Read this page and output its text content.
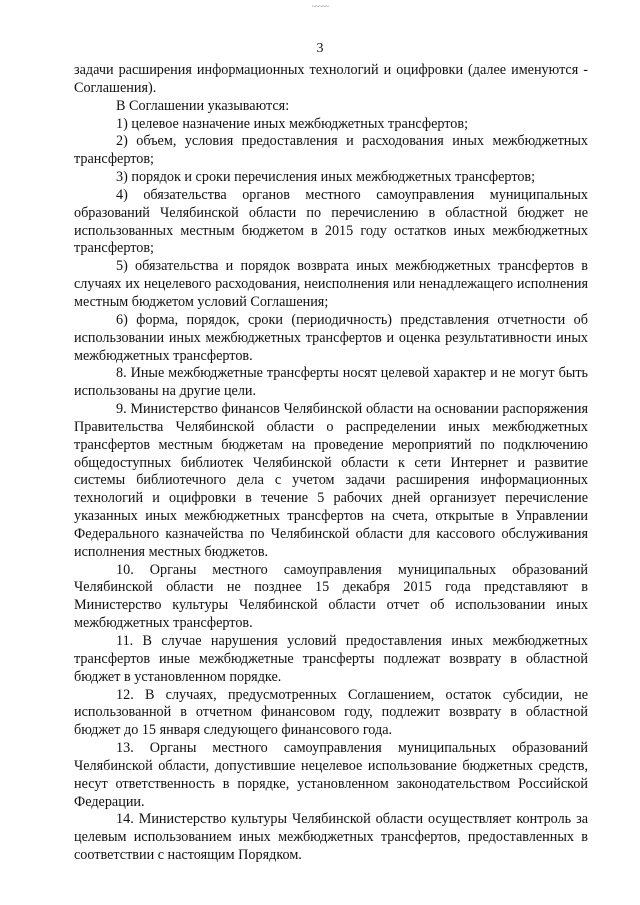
~~~~~
3

задачи расширения информационных технологий и оцифровки (далее именуются - Соглашения).

В Соглашении указываются:

1) целевое назначение иных межбюджетных трансфертов;

2) объем, условия предоставления и расходования иных межбюджетных трансфертов;

3) порядок и сроки перечисления иных межбюджетных трансфертов;

4) обязательства органов местного самоуправления муниципальных образований Челябинской области по перечислению в областной бюджет не использованных местным бюджетом в 2015 году остатков иных межбюджетных трансфертов;

5) обязательства и порядок возврата иных межбюджетных трансфертов в случаях их нецелевого расходования, неисполнения или ненадлежащего исполнения местным бюджетом условий Соглашения;

6) форма, порядок, сроки (периодичность) представления отчетности об использовании иных межбюджетных трансфертов и оценка результативности иных межбюджетных трансфертов.

8. Иные межбюджетные трансферты носят целевой характер и не могут быть использованы на другие цели.

9. Министерство финансов Челябинской области на основании распоряжения Правительства Челябинской области о распределении иных межбюджетных трансфертов местным бюджетам на проведение мероприятий по подключению общедоступных библиотек Челябинской области к сети Интернет и развитие системы библиотечного дела с учетом задачи расширения информационных технологий и оцифровки в течение 5 рабочих дней организует перечисление указанных иных межбюджетных трансфертов на счета, открытые в Управлении Федерального казначейства по Челябинской области для кассового обслуживания исполнения местных бюджетов.

10. Органы местного самоуправления муниципальных образований Челябинской области не позднее 15 декабря 2015 года представляют в Министерство культуры Челябинской области отчет об использовании иных межбюджетных трансфертов.

11. В случае нарушения условий предоставления иных межбюджетных трансфертов иные межбюджетные трансферты подлежат возврату в областной бюджет в установленном порядке.

12. В случаях, предусмотренных Соглашением, остаток субсидии, не использованной в отчетном финансовом году, подлежит возврату в областной бюджет до 15 января следующего финансового года.

13. Органы местного самоуправления муниципальных образований Челябинской области, допустившие нецелевое использование бюджетных средств, несут ответственность в порядке, установленном законодательством Российской Федерации.

14. Министерство культуры Челябинской области осуществляет контроль за целевым использованием иных межбюджетных трансфертов, предоставленных в соответствии с настоящим Порядком.
